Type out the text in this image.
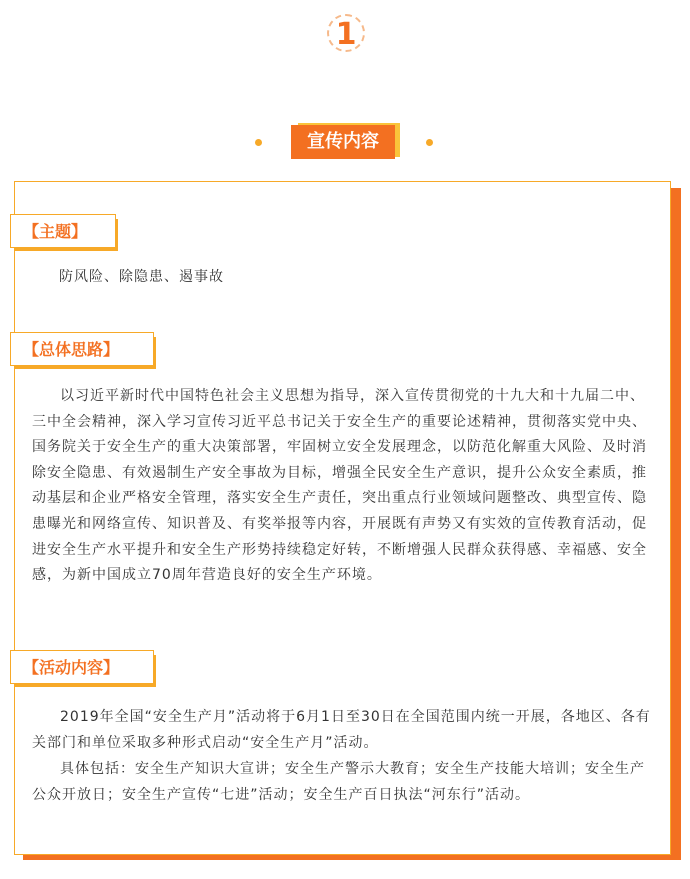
1
宣传内容
【主题】
防风险、除隐患、遏事故
【总体思路】
以习近平新时代中国特色社会主义思想为指导，深入宣传贯彻党的十九大和十九届二中、三中全会精神，深入学习宣传习近平总书记关于安全生产的重要论述精神，贯彻落实党中央、国务院关于安全生产的重大决策部署，牢固树立安全发展理念，以防范化解重大风险、及时消除安全隐患、有效遏制生产安全事故为目标，增强全民安全生产意识，提升公众安全素质，推动基层和企业严格安全管理，落实安全生产责任，突出重点行业领域问题整改、典型宣传、隐患曝光和网络宣传、知识普及、有奖举报等内容，开展既有声势又有实效的宣传教育活动，促进安全生产水平提升和安全生产形势持续稳定好转，不断增强人民群众获得感、幸福感、安全感，为新中国成立70周年营造良好的安全生产环境。
【活动内容】
2019年全国“安全生产月”活动将于6月1日至30日在全国范围内统一开展，各地区、各有关部门和单位采取多种形式启动“安全生产月”活动。
具体包括：安全生产知识大宣讲；安全生产警示大教育；安全生产技能大培训；安全生产公众开放日；安全生产宣传“七进”活动；安全生产百日执法“河东行”活动。
